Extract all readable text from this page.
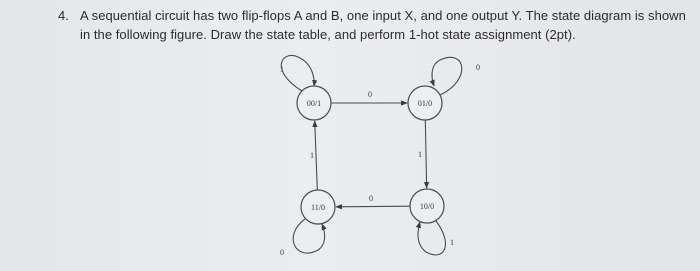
4. A sequential circuit has two flip-flops A and B, one input X, and one output Y. The state diagram is shown
in the following figure. Draw the state table, and perform 1-hot state assignment (2pt).
1
0
0
1
0
1
1
0
00/1	01/0
11/0	10/0
